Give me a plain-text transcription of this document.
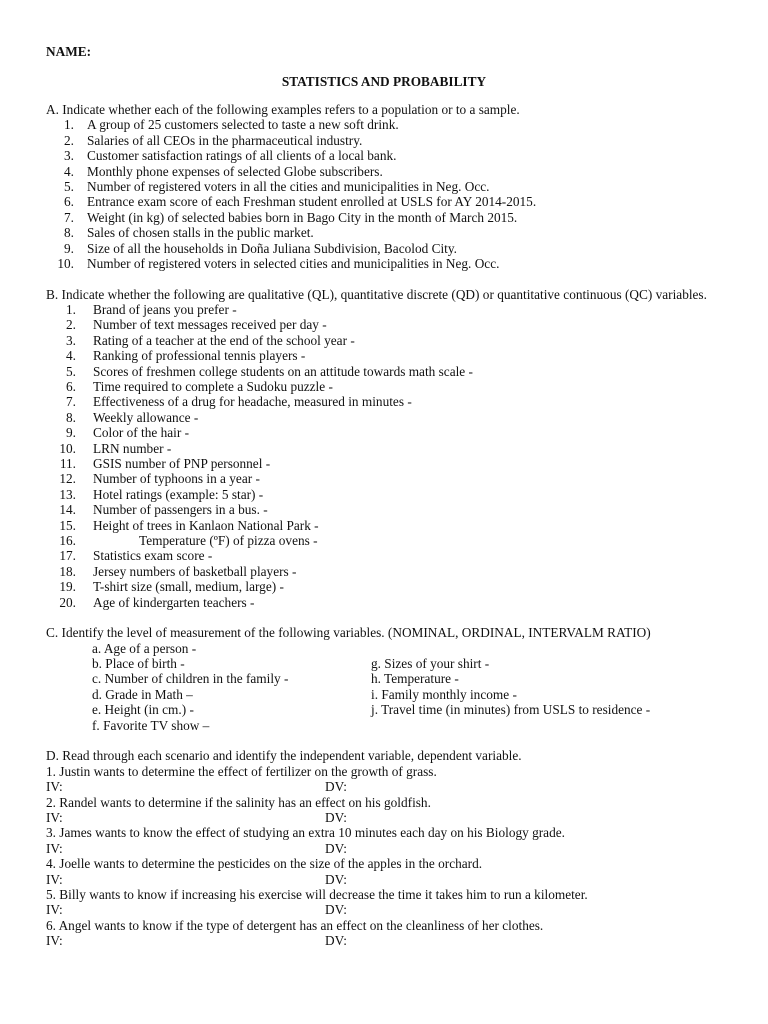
NAME:
STATISTICS AND PROBABILITY
A. Indicate whether each of the following examples refers to a population or to a sample.
1. A group of 25 customers selected to taste a new soft drink.
2. Salaries of all CEOs in the pharmaceutical industry.
3. Customer satisfaction ratings of all clients of a local bank.
4. Monthly phone expenses of selected Globe subscribers.
5. Number of registered voters in all the cities and municipalities in Neg. Occ.
6. Entrance exam score of each Freshman student enrolled at USLS for AY 2014-2015.
7. Weight (in kg) of selected babies born in Bago City in the month of March 2015.
8. Sales of chosen stalls in the public market.
9. Size of all the households in Doña Juliana Subdivision, Bacolod City.
10. Number of registered voters in selected cities and municipalities in Neg. Occ.
B. Indicate whether the following are qualitative (QL), quantitative discrete (QD) or quantitative continuous (QC) variables.
1. Brand of jeans you prefer -
2. Number of text messages received per day -
3. Rating of a teacher at the end of the school year -
4. Ranking of professional tennis players -
5. Scores of freshmen college students on an attitude towards math scale -
6. Time required to complete a Sudoku puzzle -
7. Effectiveness of a drug for headache, measured in minutes -
8. Weekly allowance -
9. Color of the hair -
10. LRN number -
11. GSIS number of PNP personnel -
12. Number of typhoons in a year -
13. Hotel ratings (example: 5 star) -
14. Number of passengers in a bus. -
15. Height of trees in Kanlaon National Park -
16.	Temperature (ºF) of pizza ovens -
17. Statistics exam score -
18. Jersey numbers of basketball players -
19. T-shirt size (small, medium, large) -
20. Age of kindergarten teachers -
C. Identify the level of measurement of the following variables. (NOMINAL, ORDINAL, INTERVALM RATIO)
a. Age of a person -
b. Place of birth -	g. Sizes of your shirt -
c. Number of children in the family -	h. Temperature -
d. Grade in Math –	i. Family monthly income -
e. Height (in cm.) -	j. Travel time (in minutes) from USLS to residence -
f. Favorite TV show –
D. Read through each scenario and identify the independent variable, dependent variable.
1. Justin wants to determine the effect of fertilizer on the growth of grass.
IV:	DV:
2. Randel wants to determine if the salinity has an effect on his goldfish.
IV:	DV:
3. James wants to know the effect of studying an extra 10 minutes each day on his Biology grade.
IV:	DV:
4. Joelle wants to determine the pesticides on the size of the apples in the orchard.
IV:	DV:
5. Billy wants to know if increasing his exercise will decrease the time it takes him to run a kilometer.
IV:	DV:
6. Angel wants to know if the type of detergent has an effect on the cleanliness of her clothes.
IV:	DV:
